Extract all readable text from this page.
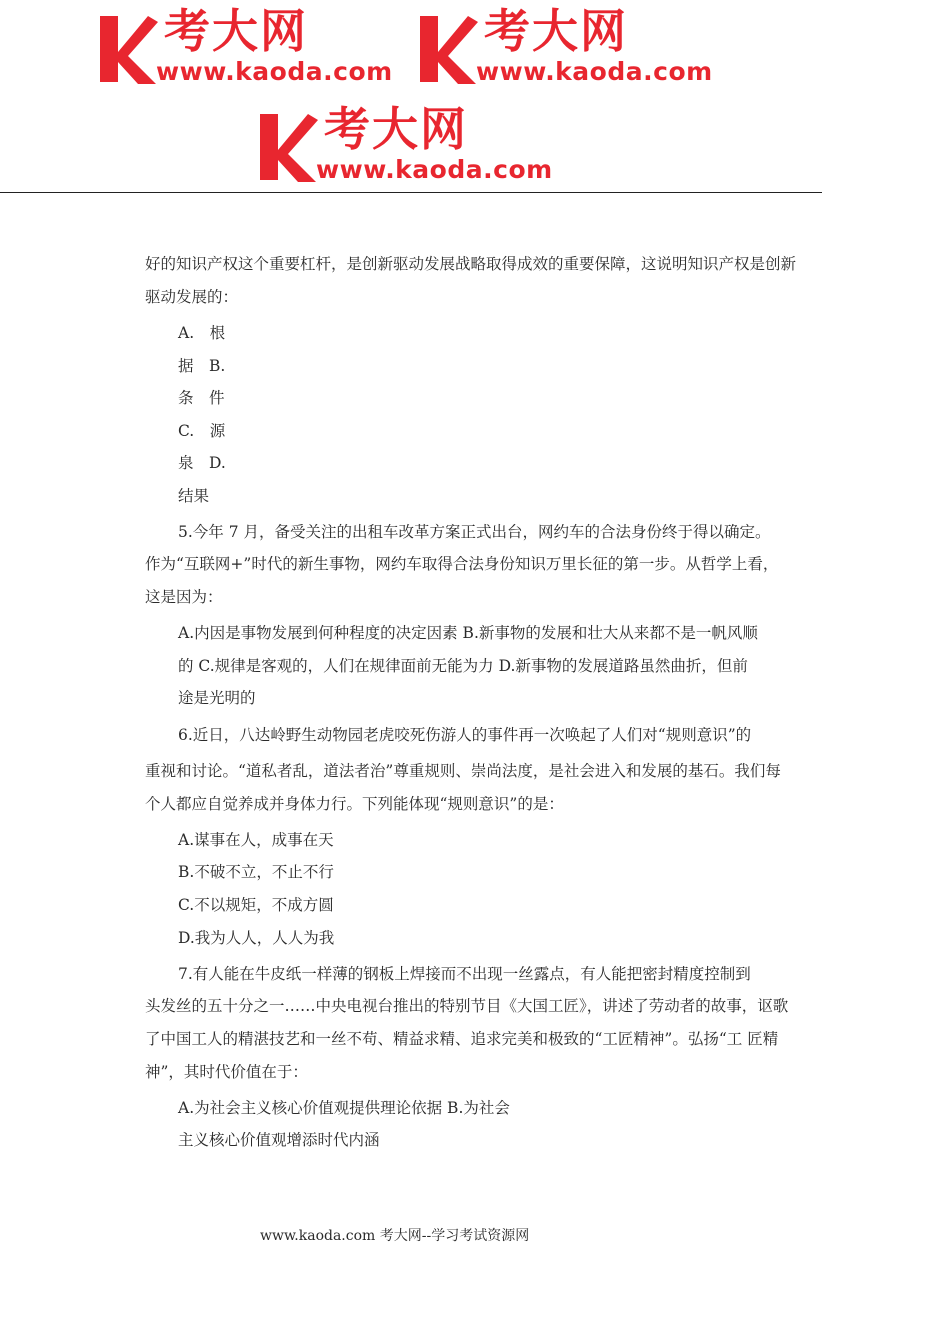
考大网
www.kaoda.com
考大网
www.kaoda.com
考大网
www.kaoda.com
好的知识产权这个重要杠杆，是创新驱动发展战略取得成效的重要保障，这说明知识产权是创新
驱动发展的：
A.　根
据　B.
条　件
C.　源
泉　D.
结果
5.今年 7 月，备受关注的出租车改革方案正式出台，网约车的合法身份终于得以确定。
作为“互联网+”时代的新生事物，网约车取得合法身份知识万里长征的第一步。从哲学上看，
这是因为：
A.内因是事物发展到何种程度的决定因素 B.新事物的发展和壮大从来都不是一帆风顺
的 C.规律是客观的，人们在规律面前无能为力 D.新事物的发展道路虽然曲折，但前
途是光明的
6.近日，八达岭野生动物园老虎咬死伤游人的事件再一次唤起了人们对“规则意识”的
重视和讨论。“道私者乱，道法者治”尊重规则、崇尚法度，是社会进入和发展的基石。我们每
个人都应自觉养成并身体力行。下列能体现“规则意识”的是：
A.谋事在人，成事在天
B.不破不立，不止不行
C.不以规矩，不成方圆
D.我为人人，人人为我
7.有人能在牛皮纸一样薄的钢板上焊接而不出现一丝露点，有人能把密封精度控制到
头发丝的五十分之一……中央电视台推出的特别节目《大国工匠》，讲述了劳动者的故事，讴歌
了中国工人的精湛技艺和一丝不苟、精益求精、追求完美和极致的“工匠精神”。弘扬“工 匠精
神”，其时代价值在于：
A.为社会主义核心价值观提供理论依据 B.为社会
主义核心价值观增添时代内涵
www.kaoda.com 考大网--学习考试资源网
